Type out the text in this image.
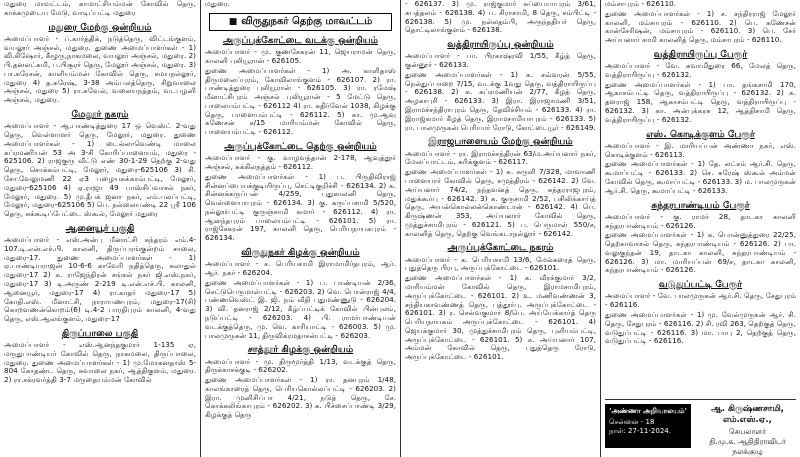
மதுரை மாவட்டம், காமாட்சியம்மன் கோவில் தெரு, காக்கமுடைய மேடு, வாடிப்பட்டி மதுரை

மதுரை மேற்கு ஒன்றியம்

அமைப்பாளர் - ப்.கார்த்திக், நடுத்தெரு, விட்டங்குளம், வயலூர் அஞ்சல், மதுரை. துணை அமைப்பாளர்கள் - 1) வி.கிஷோர், கீழூரு,நாகமலை, வயலூர் அஞ்சல், மதுரை. 2) பி.தனலட்சுமி, ப.பிசூரர் தெரு, மேலூர் அஞ்சல், மதுரை. 3) பா.சுரேசன், காளியம்மன் கோவில் தெரு, சமயநல்லூர், மதுரை 4) த.சுரேஷ், 3-38 அம்பலத்தெரு, சிறுவாலை அஞ்சல், மதுரை 5) ரா.சுவேல், வலையநத்தம், வடபழனி அஞ்சல், மதுரை.

மேலூர் நகரம்

அமைப்பாளர் - ஆ.பாண்டித்துரை 17 ஒ வெஸ்ட் 2-வது தெரு, வெள்ளாளர் தெரு, மேலூர், மதுரை. துணை அமைப்பாளர்கள் - 1) டைல்லாவெண்டி மாலை சுப்ரமணியன் 53 அ 3-சி கோரிப்பாளையம், மதுரை - 625106. 2) ராஜகுரு வீட்டு எண் 30-1-29 தெற்கு 2-வது தெரு, சொக்கம்பட்டி, மேலூர், மதுரை-625106 3) சி. சோ.வேலுமணி 22 ஏ3 பழையசுக்காம்பட்டி, மேலூர், மதுரை-625106 4) ஏ.ராஜா 49 பாஸ்சிப்வாசல் நகர், மேலூர், மதுரை. 5) மு.தீபக் ஜனா நகர், எம்.பலப்பட்டி, மேலூர், மதுரை-625106 5) பெ. நல்லையண்டி 22 ஸ்ரீ 106 தெரு, சுக்கூடிப்பேட்டை ஸ்கூல், மேலூர் மதுரை

ஆனையூர் பகுதி

அமைப்பாளர் - எஸ்.அன்பு மீனாட்சி சுந்தரம் எம்.4-107.டி.என்.எச்.பி. காலனி, திருப்பரங்குன்றம் சாலை, மதுரை-17. துணை அமைப்பாளர்கள் - 1) ஏ.பாண்டியராஜன் 10-6-6 காவேரி நதித்தெரு, கலாதுல் மதுரை-17 2) க. ராஜேந்திரன் சங்கல் நகர் ஜி.எஸ்.நகர், மதுரை-17 3) டி.அருண் 2-219 டி.என்.எச்.பி. காலனி, ஆனையூர், மதுரை-17 4) ரா.காதர் மதுரை-17 5) கோதி.எஸ். மீனாட்சி, நாராயணபுரம், மதுரை-17(சி) கொறவணன்கொறம்(6) டி.4-2 பாரதிபுரம் காலனி, 4-வது தெரு, எஸ்.ஆலங்குளம், மதுரை-17

திருப்பாலை பகுதி

அமைப்பாளர் - எஸ்.ஆனந்தகுமார் 1-135 ஏ, மருதுபாண்டியர் கோவில் தெரு, நாகமலை, திருப்பாலை, மதுரை. துணை அமைப்பாளர்கள் - 1) மு.மோகனதாஸ் 5-804 கோதண்ட தெரு, சுவாலை நகர், ஆத்திகுளம், மதுரை. 2) ரா.சக்ரவர்த்தி 3-7 மருதையம்மன் கோவில்

மதுரை.

■ விருதுநகர் தெற்கு மாவட்டம்
அருப்புக்கோட்டை வடக்கு ஒன்றியம்

அமைப்பாளர் - மு. குணசேகரன் 11, ஜெயராமன் தெரு, காலனி புலியூரான் - 626105.

துணை அமைப்பாளர்கள் - 1) அ. காளிதாஸ் திருமலைப்புரம், கோவிலாங்குளம் - 626107. 2) ரா. பாண்டித்துரை புலியூரான் - 626105. 3) ரா. ரமேஷ் மீனாட்சிபுரம் அஞ்சல் புலியூரான் - 5 மேட்டு தெரு, பாலையம்பட்டி - 626112 4) ரா. கதிர்வேல் 1038, கிழக்கு தெரு, பாளையம்பட்டி - 626112. 5) கா. மு.ஆவு கணேசன் ச/15 மாரியம்மன் கோவில் தெரு, பாளையம்பட்டி - 626112.

அருப்புக்கோட்டை தெற்கு ஒன்றியம்

அமைப்பாளர் - கு. வாழவந்தான் 2-178, ஆவுத்தூர் அஞ்சல், சுக்கிலநத்தம் - 626112.

துணை அமைப்பாளர்கள் - 1) ப. பிருதிவிராஜ் சின்னப்பையக்குடியிருப்பு, செட்டிகுறிச்சி - 626134. 2) க. சின்னக்கருப்பன் 4/259, புதுகாலனி தெரு, வெள்ளையாபுரம் - 626134. 3) கு. கருப்பசாமி 5/520, நல்லூர்பட்டி குருஞ்சாமி சுமார் - 626112. 4) ரா. ஆனந்தபுரம் பாலையம்பட்டி - 626101. 5) ரா. ராஜ்சேகரன் 197, காலனி தெரு, பெரியநாயகபுரம் - 626134.

விருதுநகர் கிழக்கு ஒன்றியம்

அமைப்பாளர் - ச. பெரியசாமி இராமாமிர்தபுரம், ஆர். ஆர். நகர் - 626204.

துணை அமைப்பாளர்கள் - 1) ப. பாண்டியன் 2/36, செட்டுபெருமாள்பட்டி - 626203. 2) வெ. பொன்ராஜ் 4/4, பண்ணவெஸ்ட் இ. ஜி. நம் வீதி புதுமண்ணுடு - 626204. 3) வி. தனராஜ் 2/12, கீழ்ப்பட்டிக் கோவில் பின்புலம், நடுப்பட்டி - 626203. 4) பி. ராமர்பாண்டியன் வடக்குத்தெரு, மு. வெ. காரியாட்டி - 626003. 5) மு. பாலமுருகன் 11, திருவிக்ரமதாசன்பட்டி - 626203.

சாத்தூர் கிழக்கு ஒன்றியம்

அமைப்பாளர் - மு. திருமூர்த்தி 1/13, வடக்குத் தெரு, திருக்காசக்குடி - 626202.

துணை அமைப்பாளர்கள் - 1) ரா. தனபுரம் 1/48, காலங்காரைத் தெரு, பெரியகொல்லப்பட்டி - 626203. 2) இரா. முனிசிப்பா 4/21, நடுத் தெரு, சே. கொக்கலிங்காபுரம் - 626202. 3) க. பிச்சைப்பாண்டி 3/29, கிழக்குத் தெரு

- 626137. 3) மு. ராஜ்குமார் சுப்பையாபுரம் 3/61, சுபத்தலம் - 626138. 4) ப. சிராசாமி, 8 தெரு, சம்பிட்டி - 626138. 5) மு. நல்லதம்பி, அருந்ததியர் தெரு, தொட்டிலாங்குளம் - 626138.

வத்திராயிருப்பு ஒன்றியம்

அமைப்பாளர் - பா. பிரகாஷ்ரவி 1/55, கீழ்த் தெரு, குன்னூர் - 626133.

துணை அமைப்பாளர்கள் - 1) க. சவ்வரன் 5/55, நெல்துப்பாறை 7/15, வடக்கு 1வது தெரு, வத்திராயிருப்பு - 626138. 2) சு. சுப்ரமணியன் 2/77, கீழத் தெரு, அழகாபுரி - 626133. 3) இரா. இராஜாமணி 3/51, இராமச்சந்திராபுரம் தெரு, தேவிச்சியம் - 626133. 4) ரா. இராஜ்கமார் கீழத் தெரு, இராமசாமியாபுரம் - 626133. 5) ரா. பாலமுருகன் பெரியார் ரோடு, கோட்டையூர் - 626149.

இராஜபாளையம் மேற்கு ஒன்றியம்

அமைப்பாளர் - ரா. இராமச்சந்திரன் 63/ம.அய்யனார் நகர், மேலப்பாட்டம், சுரிக்குளம் - 626117.

துணை அமைப்பாளர்கள் - 1) சு. சுருளி 7/328, மாவாணி பாளையார் கோவில் தெரு, சமுத்திரம் - 626142. 2) வே. அய்யனார் 74/2, நந்தவனத் தெரு, சுந்தரராஜபுரம், மதுக்கூர்பு - 626142. 3) க. குருசாமி 2/52, பசிலிக்காய்த் தெரு, அயன்கொல்லன்கொண்டான் - 626142. 4) பெ. கிருஷ்ணன் 353, அய்யனார் கோவில் தெரு, முத்துச்சாமிபுரம் - 626121. 5) ப. பெருமாள் 550/ச, காலனித் தெரு, தெற்கு வெங்கடாநல்லூர் - 626142.

அருப்புக்கோட்டை நகரம்

அமைப்பாளர் - க. பெரியசாமி 13/6, மேல்கரைத் தெரு, புதுத்தெரு பிரபு, அருப்புக்கோட்டை - 626101.

துணை அமைப்பாளர்கள் - 1) க. வீரக்குமார் 3/2, மாரியம்மன் கோவில் தெரு, இராமசாமிபுரம், அருப்புக்கோட்டை - 626101. 2) உ. மணிவண்ணன் 3, சந்தியகாவண்ணத் தெரு, புத்தூர்பு. அருப்புக்கோட்டை - 626101. 3) ர. செல்வகுமார் 8/பெ. அய்யேக்கார்த் தெரு பெரியநாயகம் அருப்புக்கோட்டை - 626101. 4) ஜெயக்குமார் 30, முத்துச்சாமிபுரம் தெரு, புளியம்பட்டி, அருப்புக்கோட்டை - 626101. 5) க. அய்யனார் 107, அம்மன் கோவில் தெரு, புதுத்தெரு ரோடு, அருப்புக்கோட்டை - 626101.

மம்சாபுரம் - 626110.

துணை அமைப்பாளர்கள் - 1) ச. சந்திரராஜ் மேலூர் காலனி, மம்சாபுரம் - 626110. 2) பெ. கணேசன் கான்சேரிஷன், மம்சாபுரம் - 626110. 3) பெ. சேர் அய்யனார் சாமி காலனித் தெரு, மம்சாபுரம் - 626110.

வத்திராயிருப்பு பேரூர்

அமைப்பாளர் - வே. சுவாமிதுரை 66, மேலத் தெரு, வத்திராயிருப்பு - 626132.

துணை அமைப்பாளர்கள் - 1) பா. தங்கசாமி 170, ஆகாசம்பட்டி தெரு, வத்திராயிருப்பு - 626132. 2) சு. தளராஜ் 158, ஆகாசம்பட்டி தெரு, வத்திராயிருப்பு - 626132. 3) கா. அன்புக்கரசு 12, ஆத்திசாமி தெரு, வத்திராயிருப்பு - 626132.

எஸ். கொடிக்குளம் பேரூர்

அமைப்பாளர் - இ. மாரியப்பன் அண்ணா நகர், எஸ். கொடிக்குளம் - 626113.

துணை அமைப்பாளர்கள் - 1) தே. லட்சம் ஆர்.சி. தெரு, கூமாப்பட்டி - 626133. 2) செ. சுரேஷ் ஸ்கூல் அம்மன் கோவில் தெரு, கூமாப்பட்டி - 626133. 3) ம. பாலமுருகன் ஆர்.சி. தெரு, கூமாப்பட்டி - 626133.

சுந்தரபாண்டியம் பேரூர்

அமைப்பாளர் - கு. ராமர் 28, தாடகா காலனி சுந்தரபாண்டியம் - 626126.

துணை அமைப்பாளர்கள் - 1) க. பொன்னுத்துரை 22/25, தெற்காவாசல் தெரு, சுந்தரபாண்டியம் - 626126. 2) பா. வலுகுந்தன் 19, தாடகா காலனி, சுந்தரபாண்டியம் - 626126. 3) மா. மாரியப்பன் 69/ச, தாடகா காலனி, சுந்தரபாண்டியம் - 626126.

வடுதுப்பட்டி பேரூர்

அமைப்பாளர் - வே. பாலமுருகன் ஆர்.சி. தெரு, சேதுபுரம் - 626116.

துணை அமைப்பாளர்கள் - 1) மு. வேல்முருகன் ஆர். சி. தெரு, சேதுபுரம் - 626116. 2) சி. ரவி 263, தெற்குத் தெரு, வடுதுப்பட்டி - 626116. 3) மா. பாபு 2, தெற்குத் தெரு, வடுதுப்பட்டி - 626116.

'அண்ணா அறிவாலயம்'
சென்னை - 18
நாள்: 27-11-2024.
ஆ. கிருஷ்ணசாமி, எம்.எஸ்.ஏ.,
செயலாளர்
தி.மு.க. ஆதிதிராவிடர்
நலக்குழு
